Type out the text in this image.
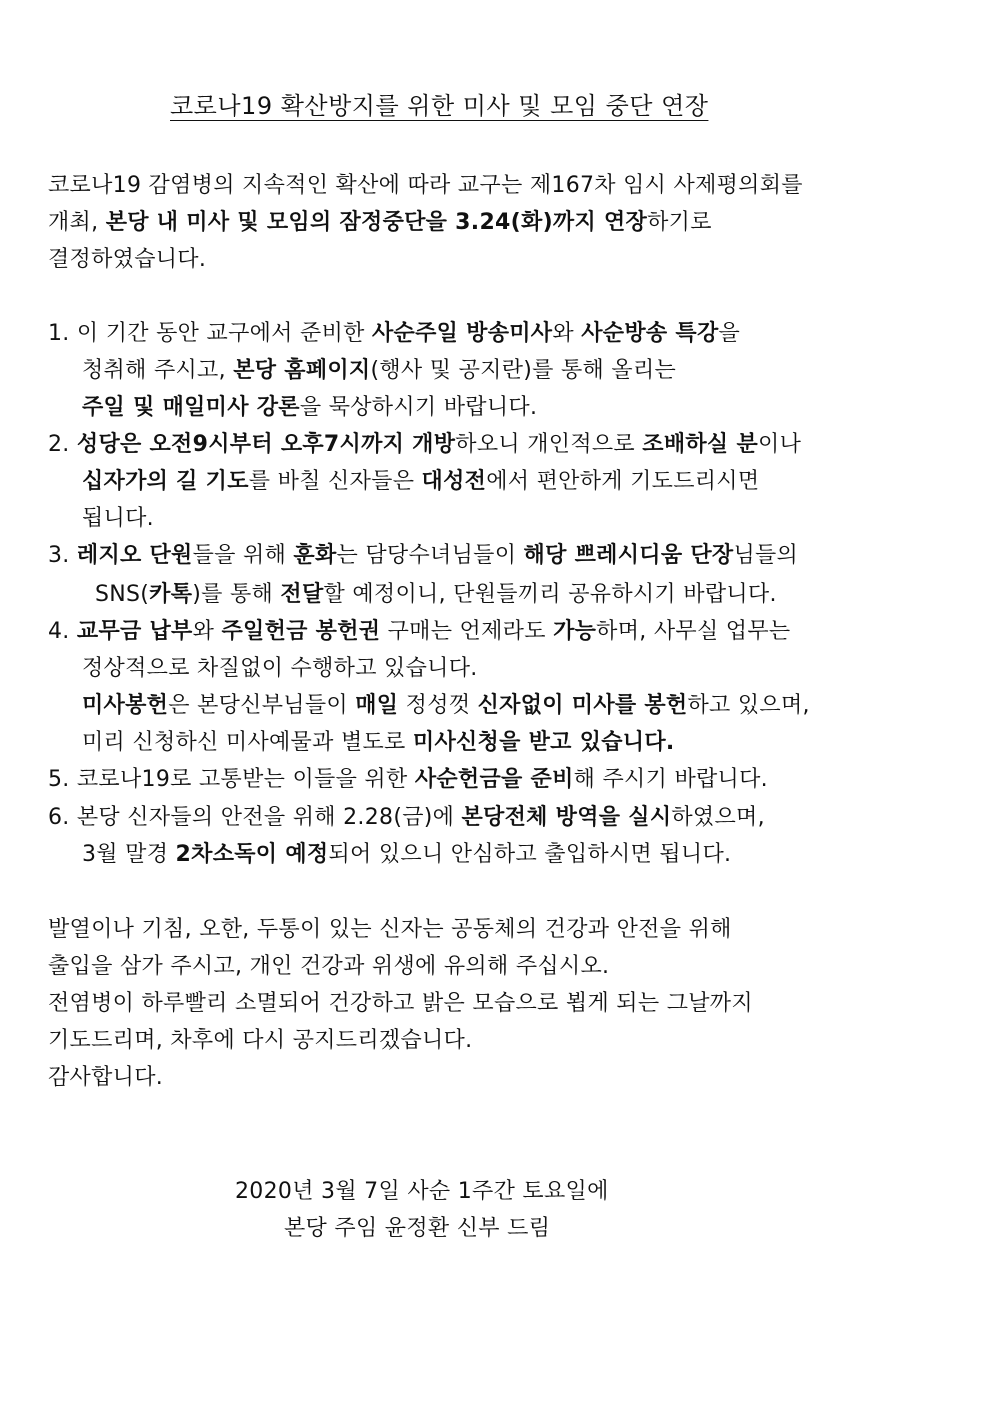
코로나19 확산방지를 위한 미사 및 모임 중단 연장
코로나19 감염병의 지속적인 확산에 따라 교구는 제167차 임시 사제평의회를
개최, 본당 내 미사 및 모임의 잠정중단을 3.24(화)까지 연장하기로
결정하였습니다.
1. 이 기간 동안 교구에서 준비한 사순주일 방송미사와 사순방송 특강을
청취해 주시고, 본당 홈페이지(행사 및 공지란)를 통해 올리는
주일 및 매일미사 강론을 묵상하시기 바랍니다.
2. 성당은 오전9시부터 오후7시까지 개방하오니 개인적으로 조배하실 분이나
십자가의 길 기도를 바칠 신자들은 대성전에서 편안하게 기도드리시면
됩니다.
3. 레지오 단원들을 위해 훈화는 담당수녀님들이 해당 쁘레시디움 단장님들의
SNS(카톡)를 통해 전달할 예정이니, 단원들끼리 공유하시기 바랍니다.
4. 교무금 납부와 주일헌금 봉헌권 구매는 언제라도 가능하며, 사무실 업무는
정상적으로 차질없이 수행하고 있습니다.
미사봉헌은 본당신부님들이 매일 정성껏 신자없이 미사를 봉헌하고 있으며,
미리 신청하신 미사예물과 별도로 미사신청을 받고 있습니다.
5. 코로나19로 고통받는 이들을 위한 사순헌금을 준비해 주시기 바랍니다.
6. 본당 신자들의 안전을 위해 2.28(금)에 본당전체 방역을 실시하였으며,
3월 말경 2차소독이 예정되어 있으니 안심하고 출입하시면 됩니다.
발열이나 기침, 오한, 두통이 있는 신자는 공동체의 건강과 안전을 위해
출입을 삼가 주시고, 개인 건강과 위생에 유의해 주십시오.
전염병이 하루빨리 소멸되어 건강하고 밝은 모습으로 뵙게 되는 그날까지
기도드리며, 차후에 다시 공지드리겠습니다.
감사합니다.
2020년 3월 7일 사순 1주간 토요일에
본당 주임 윤정환 신부 드림
